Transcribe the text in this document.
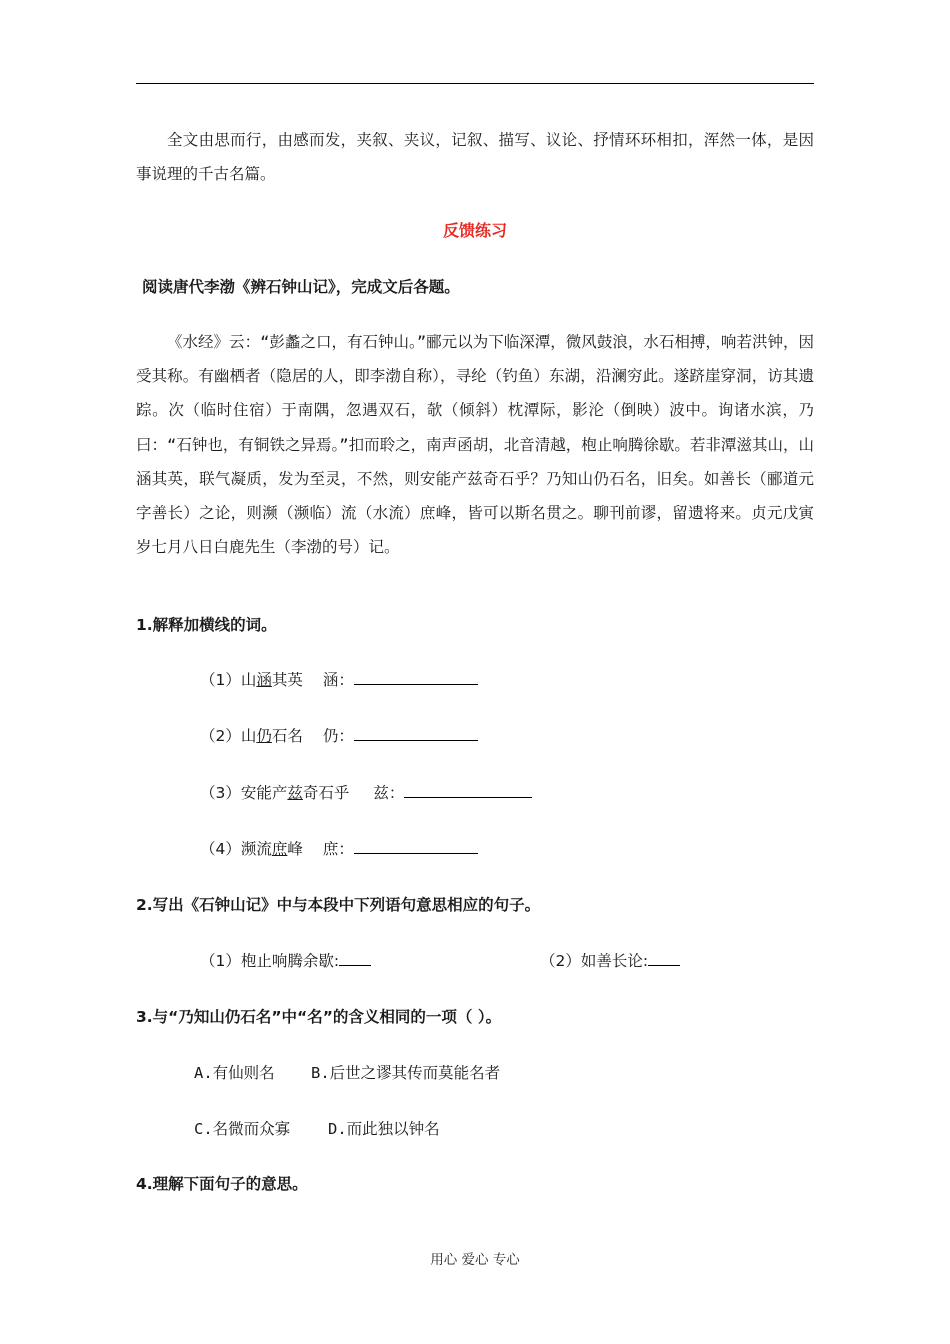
全文由思而行，由感而发，夹叙、夹议，记叙、描写、议论、抒情环环相扣，浑然一体，是因事说理的千古名篇。
反馈练习
阅读唐代李渤《辨石钟山记》，完成文后各题。
《水经》云：“彭蠡之口，有石钟山。”郦元以为下临深潭，微风鼓浪，水石相搏，响若洪钟，因受其称。有幽栖者（隐居的人，即李渤自称），寻纶（钓鱼）东湖，沿澜穷此。遂跻崖穿洞，访其遗踪。次（临时住宿）于南隅，忽遇双石，欹（倾斜）枕潭际，影沦（倒映）波中。询诸水滨，乃曰：“石钟也，有铜铁之异焉。”扣而聆之，南声函胡，北音清越，枹止响腾徐歇。若非潭滋其山，山涵其英，联气凝质，发为至灵，不然，则安能产兹奇石乎？乃知山仍石名，旧矣。如善长（郦道元字善长）之论，则濒（濒临）流（水流）庶峰，皆可以斯名贯之。聊刊前谬，留遗将来。贞元戊寅岁七月八日白鹿先生（李渤的号）记。
1.解释加横线的词。
（1）山涵其英 涵：
（2）山仍石名 仍：
（3）安能产兹奇石乎 兹：
（4）濒流庶峰 庶：
2.写出《石钟山记》中与本段中下列语句意思相应的句子。
（1）枹止响腾余歇:	（2）如善长论:
3.与“乃知山仍石名”中“名”的含义相同的一项（ ）。
A.有仙则名 B.后世之谬其传而莫能名者
C.名微而众寡 D.而此独以钟名
4.理解下面句子的意思。
用心 爱心 专心
